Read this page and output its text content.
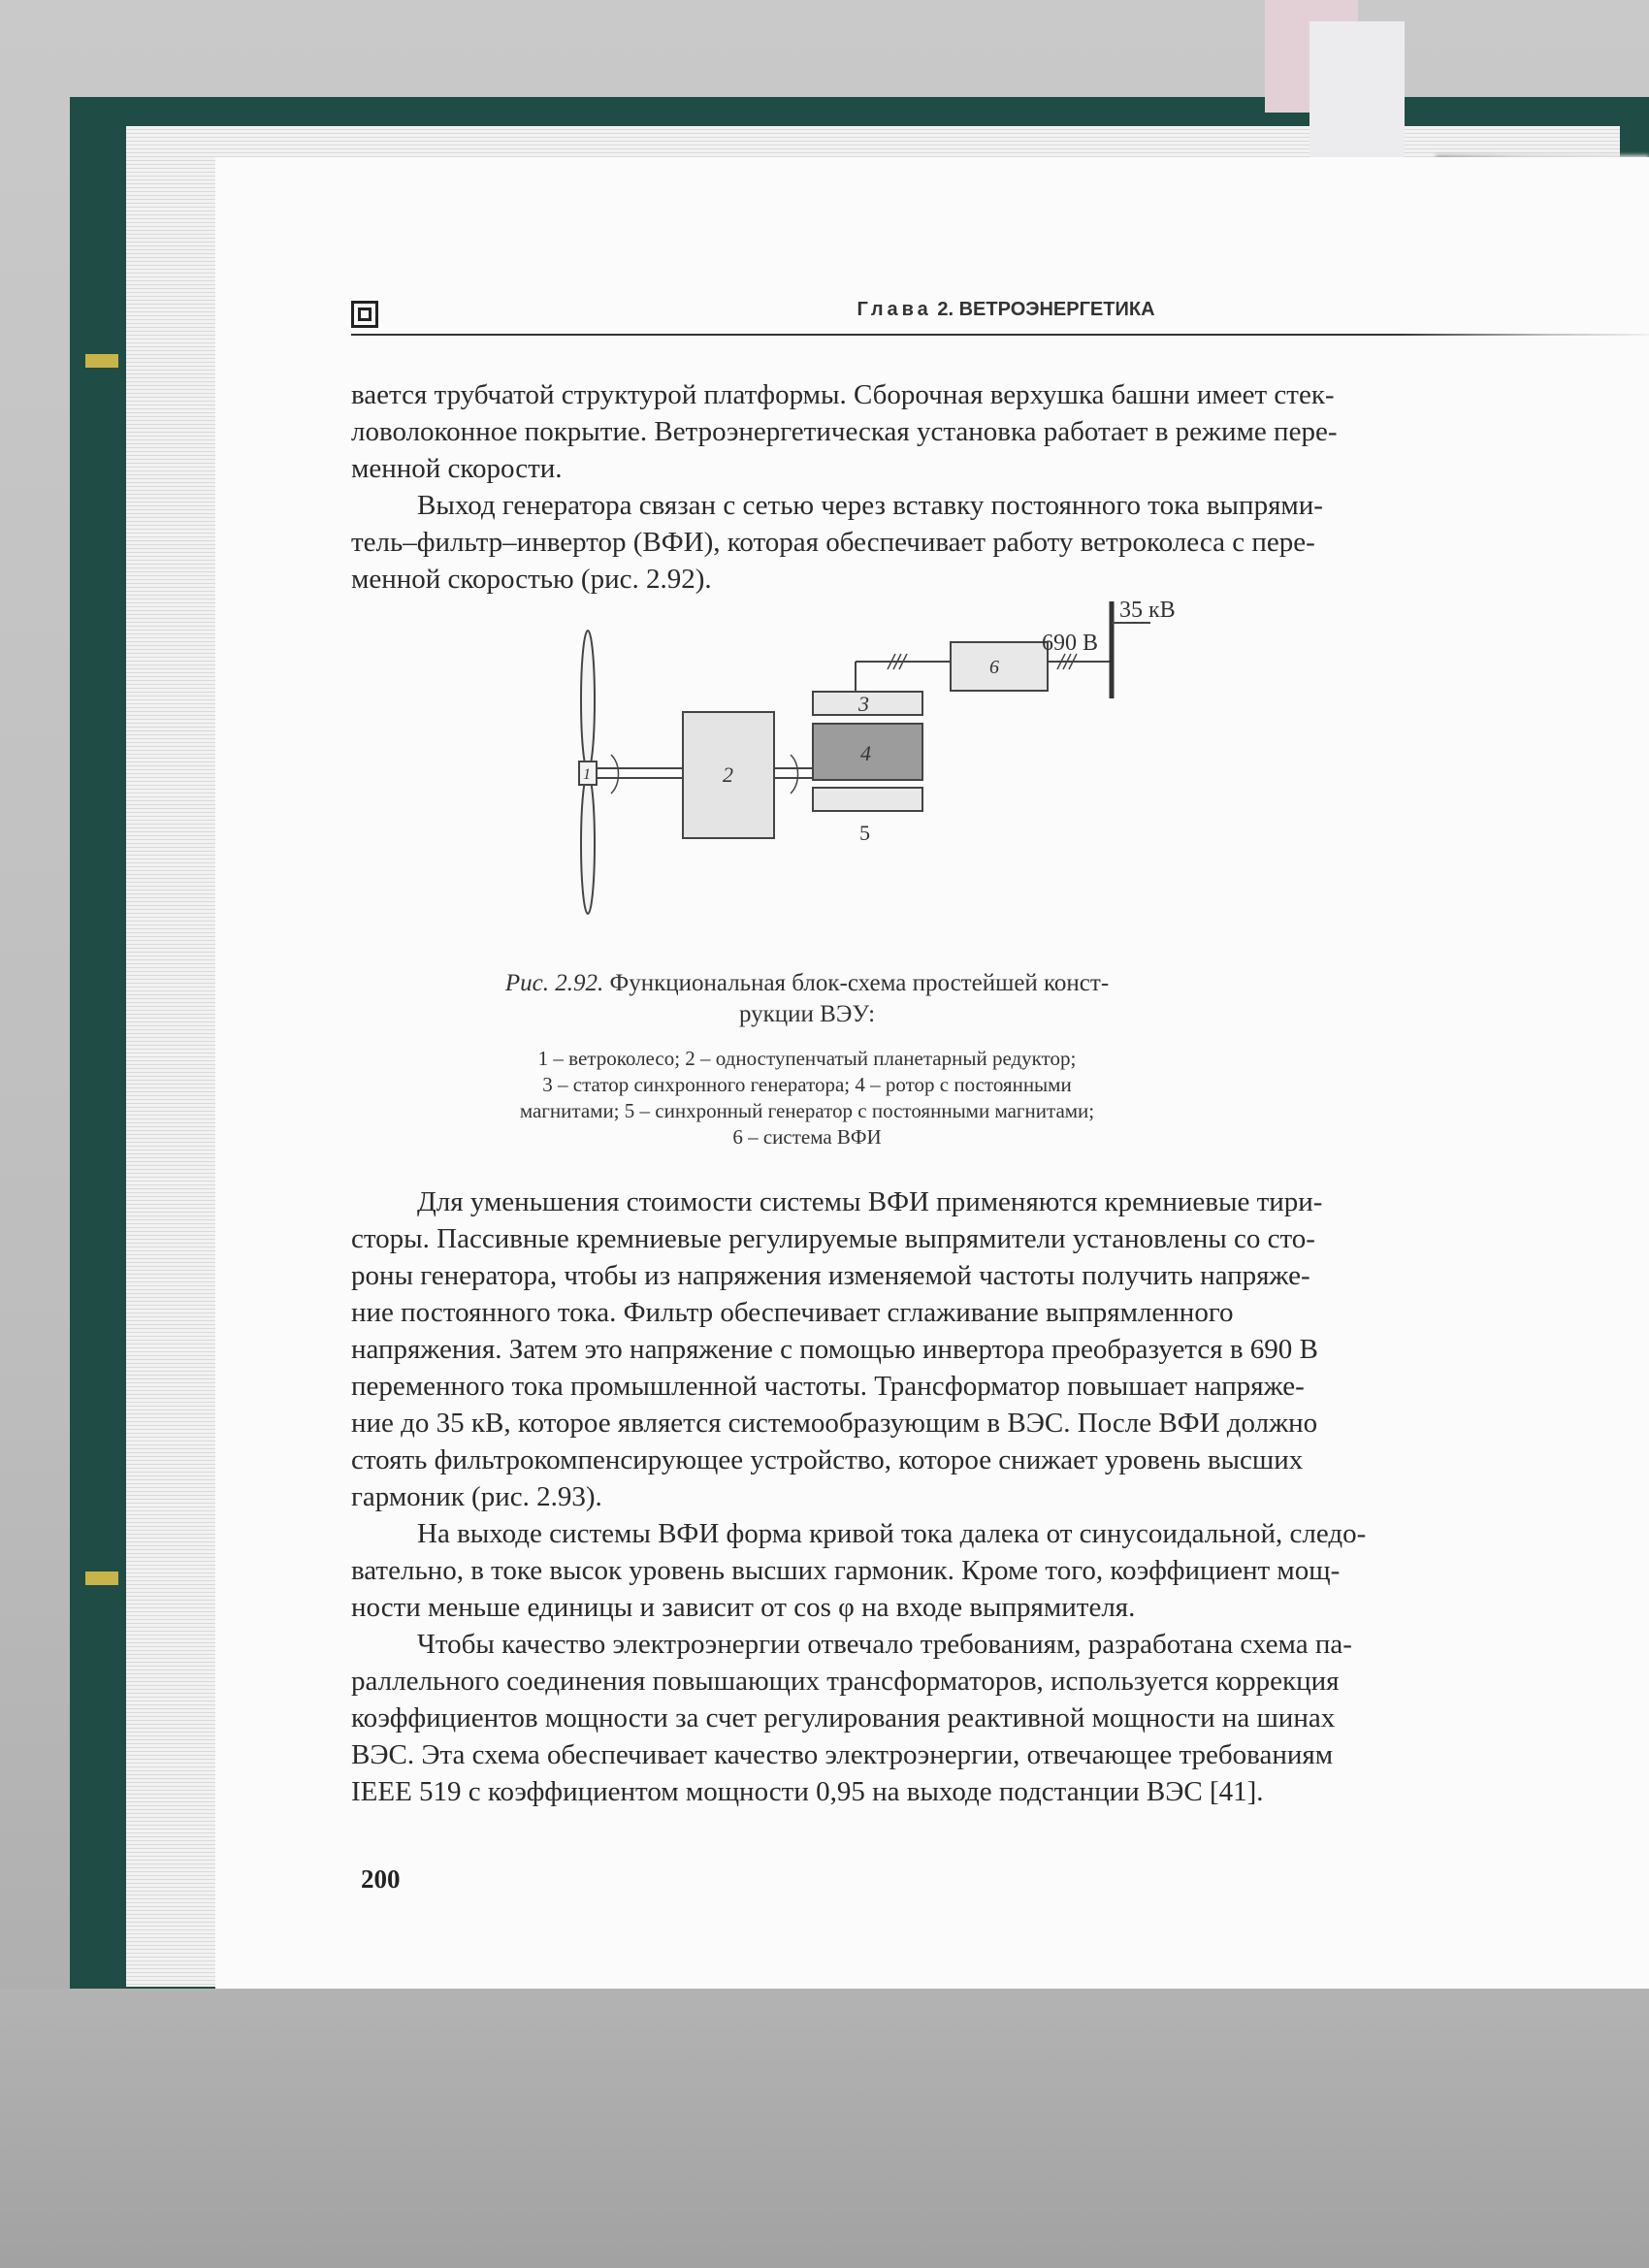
Глава 2. ВЕТРОЭНЕРГЕТИКА

вается трубчатой структурой платформы. Сборочная верхушка башни имеет стек-

ловолоконное покрытие. Ветроэнергетическая установка работает в режиме пере-

менной скорости.

Выход генератора связан с сетью через вставку постоянного тока выпрями-

тель–фильтр–инвертор (ВФИ), которая обеспечивает работу ветроколеса с пере-

менной скоростью (рис. 2.92).

1	2
3
4
5
6
690 В
35 кВ
Рис. 2.92. Функциональная блок-схема простейшей конст-
рукции ВЭУ:
1 – ветроколесо; 2 – одноступенчатый планетарный редуктор;
3 – статор синхронного генератора; 4 – ротор с постоянными
магнитами; 5 – синхронный генератор с постоянными магнитами;
6 – система ВФИ

Для уменьшения стоимости системы ВФИ применяются кремниевые тири-

сторы. Пассивные кремниевые регулируемые выпрямители установлены со сто-

роны генератора, чтобы из напряжения изменяемой частоты получить напряже-

ние постоянного тока. Фильтр обеспечивает сглаживание выпрямленного

напряжения. Затем это напряжение с помощью инвертора преобразуется в 690 В

переменного тока промышленной частоты. Трансформатор повышает напряже-

ние до 35 кВ, которое является системообразующим в ВЭС. После ВФИ должно

стоять фильтрокомпенсирующее устройство, которое снижает уровень высших

гармоник (рис. 2.93).

На выходе системы ВФИ форма кривой тока далека от синусоидальной, следо-

вательно, в токе высок уровень высших гармоник. Кроме того, коэффициент мощ-

ности меньше единицы и зависит от cos φ на входе выпрямителя.

Чтобы качество электроэнергии отвечало требованиям, разработана схема па-

раллельного соединения повышающих трансформаторов, используется коррекция

коэффициентов мощности за счет регулирования реактивной мощности на шинах

ВЭС. Эта схема обеспечивает качество электроэнергии, отвечающее требованиям

IEEE 519 с коэффициентом мощности 0,95 на выходе подстанции ВЭС [41].

200
